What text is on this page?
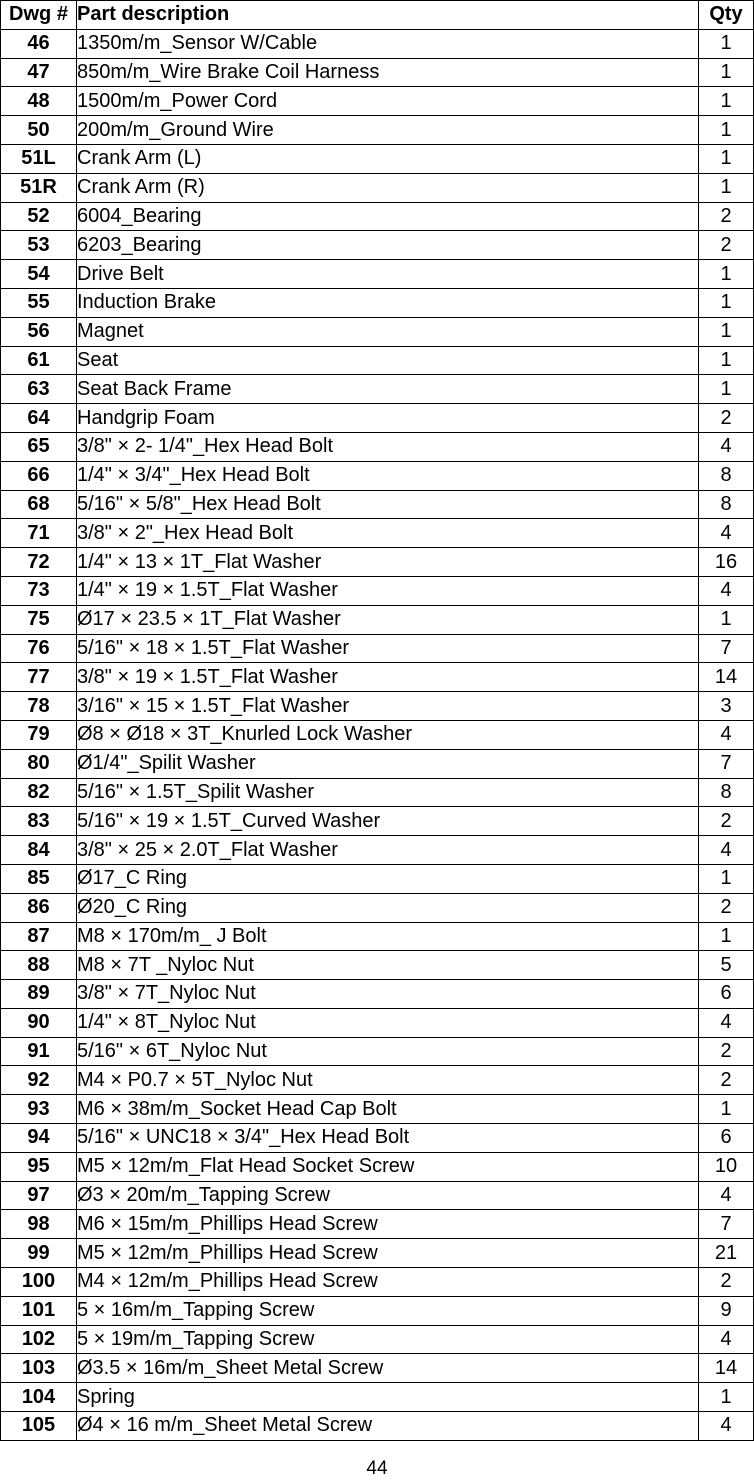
Dwg #	Part description	Qty
46	1350m/m_Sensor W/Cable	1
47	850m/m_Wire Brake Coil Harness	1
48	1500m/m_Power Cord	1
50	200m/m_Ground Wire	1
51L	Crank Arm (L)	1
51R	Crank Arm (R)	1
52	6004_Bearing	2
53	6203_Bearing	2
54	Drive Belt	1
55	Induction Brake	1
56	Magnet	1
61	Seat	1
63	Seat Back Frame	1
64	Handgrip Foam	2
65	3/8" × 2- 1/4"_Hex Head Bolt	4
66	1/4" × 3/4"_Hex Head Bolt	8
68	5/16" × 5/8"_Hex Head Bolt	8
71	3/8" × 2"_Hex Head Bolt	4
72	1/4" × 13 × 1T_Flat Washer	16
73	1/4" × 19 × 1.5T_Flat Washer	4
75	Ø17 × 23.5 × 1T_Flat Washer	1
76	5/16" × 18 × 1.5T_Flat Washer	7
77	3/8" × 19 × 1.5T_Flat Washer	14
78	3/16" × 15 × 1.5T_Flat Washer	3
79	Ø8 × Ø18 × 3T_Knurled Lock Washer	4
80	Ø1/4"_Spilit Washer	7
82	5/16" × 1.5T_Spilit Washer	8
83	5/16" × 19 × 1.5T_Curved Washer	2
84	3/8" × 25 × 2.0T_Flat Washer	4
85	Ø17_C Ring	1
86	Ø20_C Ring	2
87	M8 × 170m/m_ J Bolt	1
88	M8 × 7T _Nyloc Nut	5
89	3/8" × 7T_Nyloc Nut	6
90	1/4" × 8T_Nyloc Nut	4
91	5/16" × 6T_Nyloc Nut	2
92	M4 × P0.7 × 5T_Nyloc Nut	2
93	M6 × 38m/m_Socket Head Cap Bolt	1
94	5/16" × UNC18 × 3/4"_Hex Head Bolt	6
95	M5 × 12m/m_Flat Head Socket Screw	10
97	Ø3 × 20m/m_Tapping Screw	4
98	M6 × 15m/m_Phillips Head Screw	7
99	M5 × 12m/m_Phillips Head Screw	21
100	M4 × 12m/m_Phillips Head Screw	2
101	5 × 16m/m_Tapping Screw	9
102	5 × 19m/m_Tapping Screw	4
103	Ø3.5 × 16m/m_Sheet Metal Screw	14
104	Spring	1
105	Ø4 × 16 m/m_Sheet Metal Screw	4
44
